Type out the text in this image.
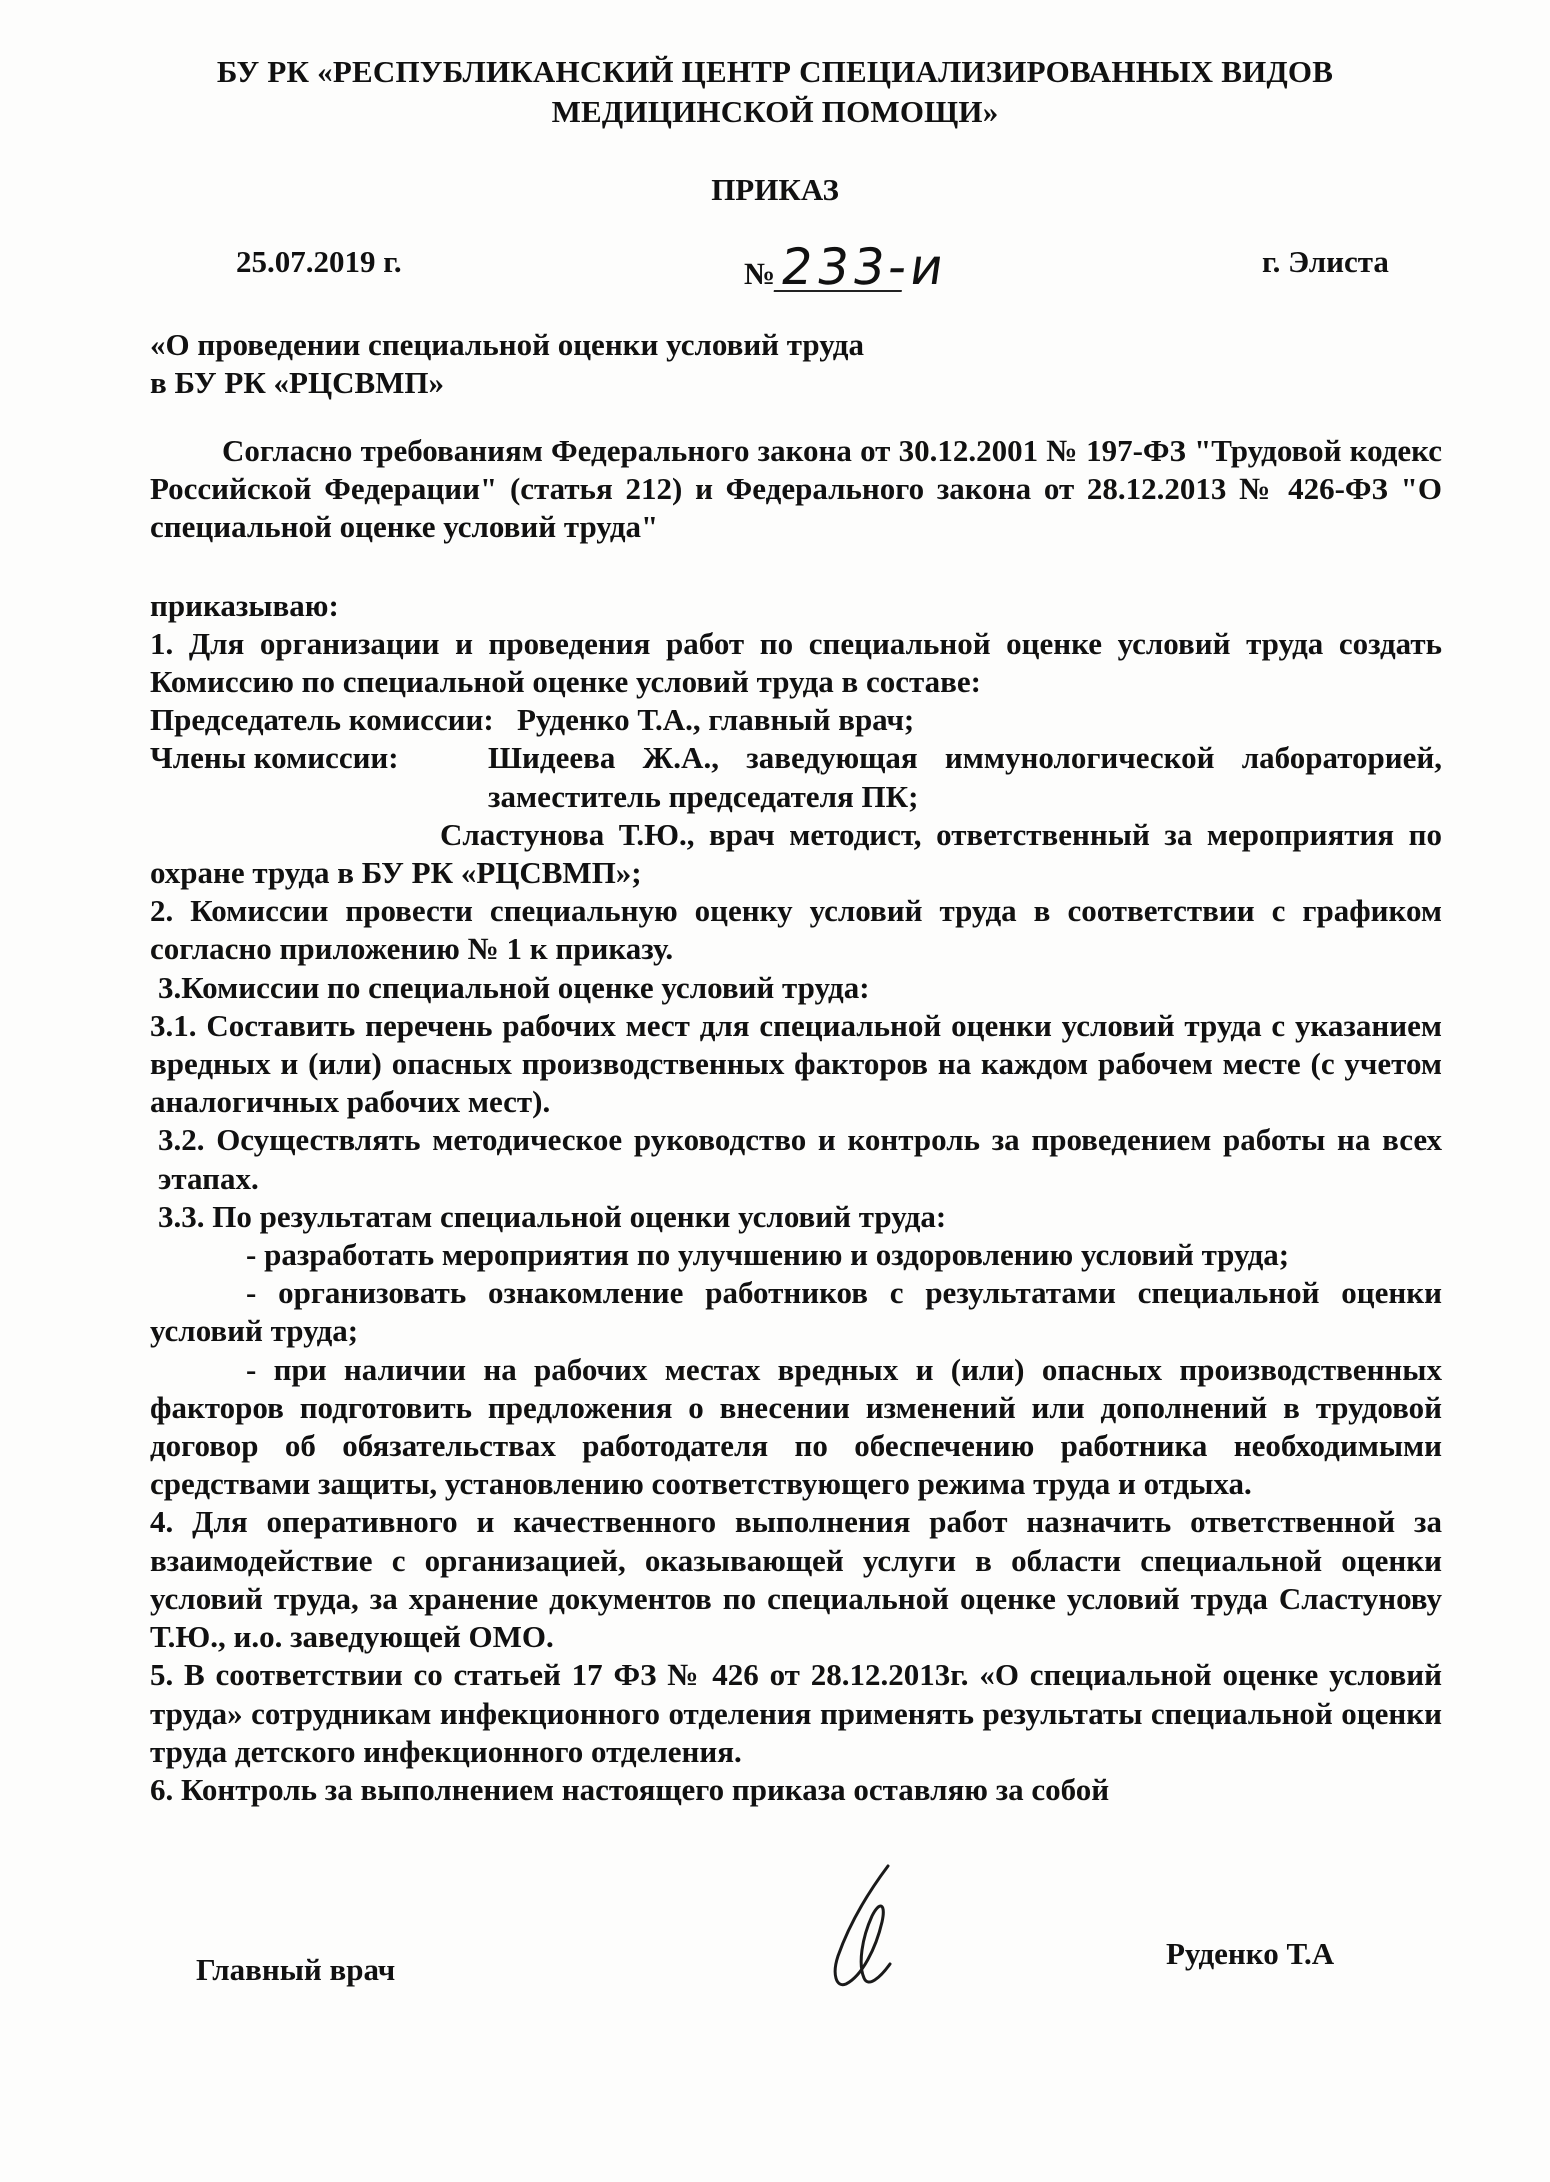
БУ РК «РЕСПУБЛИКАНСКИЙ ЦЕНТР СПЕЦИАЛИЗИРОВАННЫХ ВИДОВ
МЕДИЦИНСКОЙ ПОМОЩИ»
ПРИКАЗ
25.07.2019 г.	№ 233-и	г. Элиста
«О проведении специальной оценки условий труда
в БУ РК «РЦСВМП»

Согласно требованиям Федерального закона от 30.12.2001 № 197-ФЗ "Трудовой кодекс Российской Федерации" (статья 212) и Федерального закона от 28.12.2013 № 426-ФЗ "О специальной оценке условий труда"

приказываю:

1. Для организации и проведения работ по специальной оценке условий труда создать Комиссию по специальной оценке условий труда в составе:

Председатель комиссии: Руденко Т.А., главный врач;

Члены комиссии:	Шидеева Ж.А., заведующая иммунологической лабораторией, заместитель председателя ПК;
Сластунова Т.Ю., врач методист, ответственный за мероприятия по

охране труда в БУ РК «РЦСВМП»;

2. Комиссии провести специальную оценку условий труда в соответствии с графиком согласно приложению № 1 к приказу.

3.Комиссии по специальной оценке условий труда:

3.1. Составить перечень рабочих мест для специальной оценки условий труда с указанием вредных и (или) опасных производственных факторов на каждом рабочем месте (с учетом аналогичных рабочих мест).

3.2. Осуществлять методическое руководство и контроль за проведением работы на всех этапах.

3.3. По результатам специальной оценки условий труда:

- разработать мероприятия по улучшению и оздоровлению условий труда;

- организовать ознакомление работников с результатами специальной оценки условий труда;

- при наличии на рабочих местах вредных и (или) опасных производственных факторов подготовить предложения о внесении изменений или дополнений в трудовой договор об обязательствах работодателя по обеспечению работника необходимыми средствами защиты, установлению соответствующего режима труда и отдыха.

4. Для оперативного и качественного выполнения работ назначить ответственной за взаимодействие с организацией, оказывающей услуги в области специальной оценки условий труда, за хранение документов по специальной оценке условий труда Сластунову Т.Ю., и.о. заведующей ОМО.

5. В соответствии со статьей 17 ФЗ № 426 от 28.12.2013г. «О специальной оценке условий труда» сотрудникам инфекционного отделения применять результаты специальной оценки труда детского инфекционного отделения.

6. Контроль за выполнением настоящего приказа оставляю за собой

Главный врач	Руденко Т.А
